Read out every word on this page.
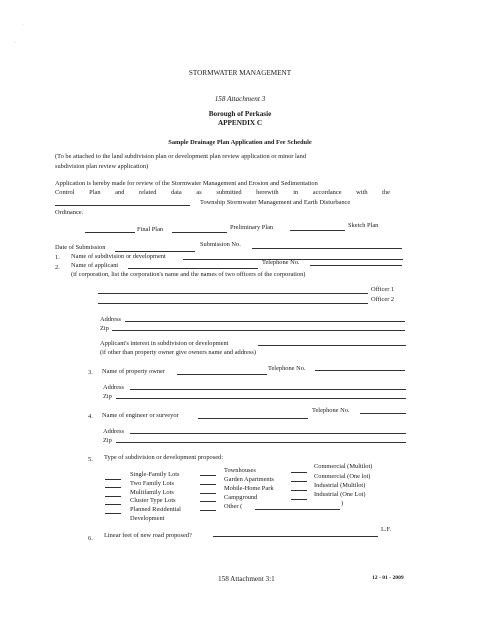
·
·
STORMWATER MANAGEMENT
158 Attachment 3
Borough of Perkasie
APPENDIX C
Sample Drainage Plan Application and Fee Schedule
(To be attached to the land subdivision plan or development plan review application or minor land
subdivision plan review application)
Application is hereby made for review of the Stormwater Management and Erosion and Sedimentation
Control Plan and related data as submitted herewith in accordance with the
Township Stormwater Management and Earth Disturbance
Ordinance.
Final Plan	Preliminary Plan	Sketch Plan
Date of Submission	Submission No.
1. Name of subdivision or development
2. Name of applicant	Telephone No.
(if corporation, list the corporation's name and the names of two officers of the corporation)
Officer 1
Officer 2
Address
Zip
Applicant's interest in subdivision or development
(if other than property owner give owners name and address)
3. Name of property owner	Telephone No.
Address
Zip
4. Name of engineer or surveyor
Telephone No.
Address
Zip
5. Type of subdivision or development proposed:
Single-Family Lots
Two Family Lots
Multifamily Lots
Cluster Type Lots
Planned Residential
Development
Townhouses
Garden Apartments
Mobile-Home Park
Campground
Other (	)
Commercial (Multilot)
Commercial (One lot)
Industrial (Multilot)
Industrial (One Lot)
6. Linear feet of new road proposed?
L.F.
158 Attachment 3:1	12 - 01 - 2009
